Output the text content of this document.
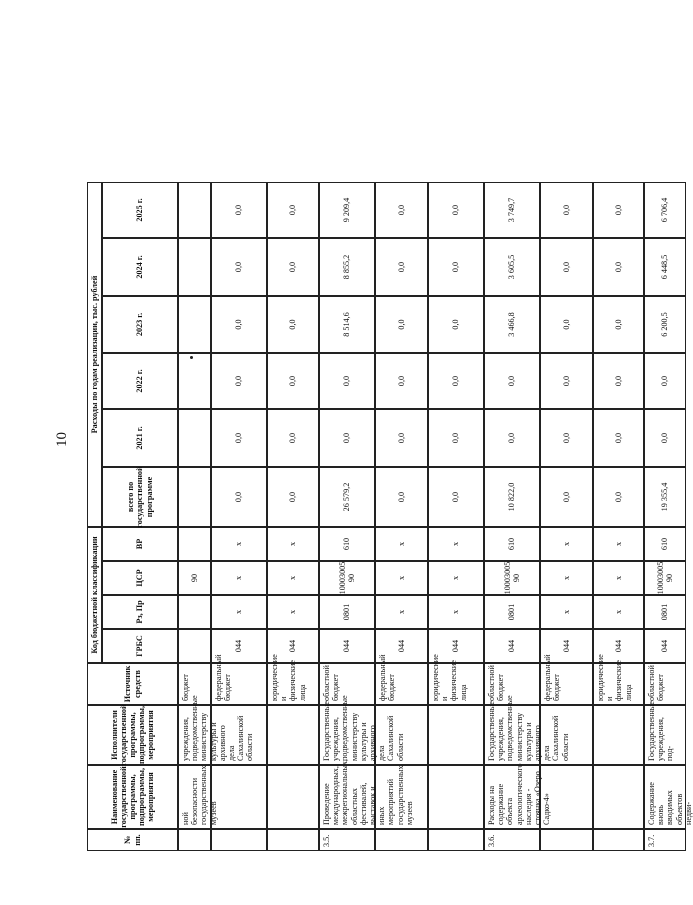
10
№ пп.
Наименование государственной программы, подпрограммы, мероприятия
Исполнители государственной программы, подпрограммы, мероприятия
Источник средств
Код бюджетной классификации
Расходы по годам реализации, тыс. рублей
ГРБС
Рз, Пр
ЦСР
ВР
всего по государственной программе
2021 г.
2022 г.
2023 г.
2024 г.
2025 г.
ной безопасности государственных музеев
учреждения, подведомственные министерству культуры и архивного дела Сахалинской области
бюджет
90
федеральный бюджет
044
х
х
х
0,0
0,0
0,0
0,0
0,0
0,0
юридические и физические лица
044
х
х
х
0,0
0,0
0,0
0,0
0,0
0,0
3.5.
Проведение международных, межрегиональных, областных фестивалей, выставок и иных мероприятий государственных музеев
Государственные учреждения, подведомственные министерству культуры и архивного дела Сахалинской области
областной бюджет
044
0801
10003005 90
610
26 579,2
0,0
0,0
8 514,6
8 855,2
9 209,4
федеральный бюджет
044
х
х
х
0,0
0,0
0,0
0,0
0,0
0,0
юридические и физические лица
044
х
х
х
0,0
0,0
0,0
0,0
0,0
0,0
3.6.
Расходы на содержание объекта археологического наследия - стоянка «Озеро Садко-4»
Государственные учреждения, подведомственные министерству культуры и архивного дела Сахалинской области
областной бюджет
044
0801
10003005 90
610
10 822,0
0,0
0,0
3 466,8
3 605,5
3 749,7
федеральный бюджет
044
х
х
х
0,0
0,0
0,0
0,0
0,0
0,0
юридические и физические лица
044
х
х
х
0,0
0,0
0,0
0,0
0,0
0,0
3.7.
Содержание вновь вводимых объектов недви-
Государственные учреждения, под-
областной бюджет
044
0801
10003005 90
610
19 355,4
0,0
0,0
6 200,5
6 448,5
6 706,4
